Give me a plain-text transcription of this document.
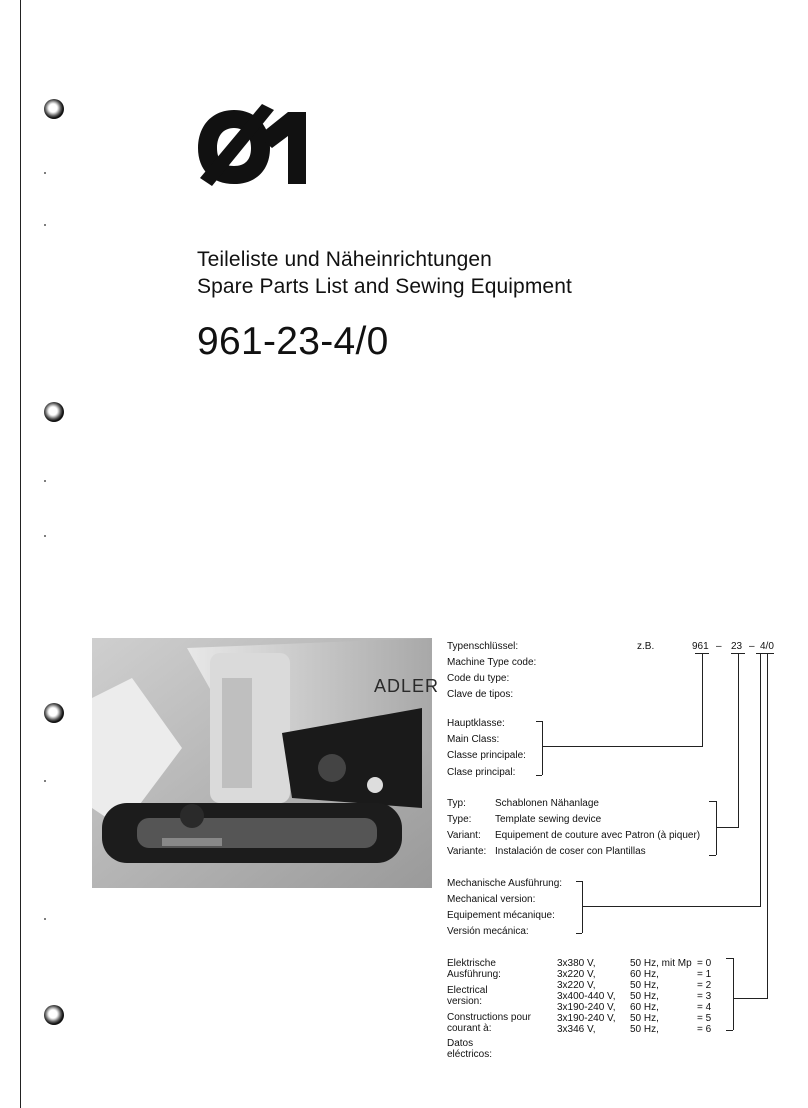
Teileliste und Näheinrichtungen
Spare Parts List and Sewing Equipment
961-23-4/0
ADLER
Typenschlüssel:
Machine Type code:
Code du type:
Clave de tipos:
z.B.	961 – 23 – 4/0
Hauptklasse:
Main Class:
Classe principale:
Clase principal:
Typ:	Schablonen Nähanlage
Type: Template sewing device
Variant: Equipement de couture avec Patron (à piquer)
Variante: Instalación de coser con Plantillas
Mechanische Ausführung:
Mechanical version:
Equipement mécanique:
Versión mecánica:
Elektrische
Ausführung:
Electrical
version:
Constructions pour
courant à:
Datos
eléctricos:
3x380 V,	50 Hz, mit Mp = 0
3x220 V,	60 Hz,	= 1
3x220 V,	50 Hz,	= 2
3x400-440 V, 50 Hz,	= 3
3x190-240 V, 60 Hz,	= 4
3x190-240 V, 50 Hz,	= 5
3x346 V,	50 Hz,	= 6
